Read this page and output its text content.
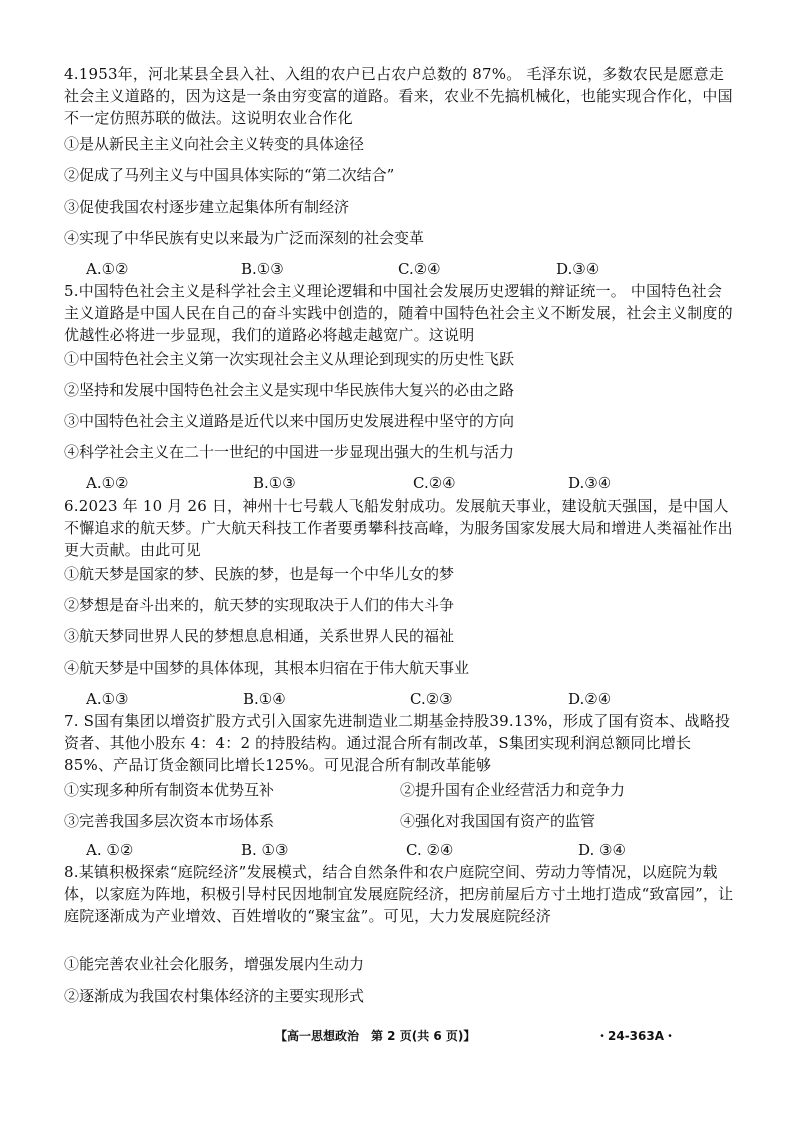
4.1953年，河北某县全县入社、入组的农户已占农户总数的 87%。 毛泽东说，多数农民是愿意走社会主义道路的，因为这是一条由穷变富的道路。看来，农业不先搞机械化，也能实现合作化，中国不一定仿照苏联的做法。这说明农业合作化

①是从新民主主义向社会主义转变的具体途径

②促成了马列主义与中国具体实际的“第二次结合”

③促使我国农村逐步建立起集体所有制经济

④实现了中华民族有史以来最为广泛而深刻的社会变革

A.①②	B.①③	C.②④	D.③④

5.中国特色社会主义是科学社会主义理论逻辑和中国社会发展历史逻辑的辩证统一。 中国特色社会主义道路是中国人民在自己的奋斗实践中创造的，随着中国特色社会主义不断发展，社会主义制度的优越性必将进一步显现，我们的道路必将越走越宽广。这说明

①中国特色社会主义第一次实现社会主义从理论到现实的历史性飞跃

②坚持和发展中国特色社会主义是实现中华民族伟大复兴的必由之路

③中国特色社会主义道路是近代以来中国历史发展进程中坚守的方向

④科学社会主义在二十一世纪的中国进一步显现出强大的生机与活力

A.①②	B.①③	C.②④	D.③④

6.2023 年 10 月 26 日，神州十七号载人飞船发射成功。发展航天事业，建设航天强国，是中国人不懈追求的航天梦。广大航天科技工作者要勇攀科技高峰，为服务国家发展大局和增进人类福祉作出更大贡献。由此可见

①航天梦是国家的梦、民族的梦，也是每一个中华儿女的梦

②梦想是奋斗出来的，航天梦的实现取决于人们的伟大斗争

③航天梦同世界人民的梦想息息相通，关系世界人民的福祉

④航天梦是中国梦的具体体现，其根本归宿在于伟大航天事业

A.①③	B.①④	C.②③	D.②④

7. S国有集团以增资扩股方式引入国家先进制造业二期基金持股39.13%，形成了国有资本、战略投资者、其他小股东 4：4：2 的持股结构。通过混合所有制改革，S集团实现利润总额同比增长85%、产品订货金额同比增长125%。可见混合所有制改革能够

①实现多种所有制资本优势互补	②提升国有企业经营活力和竞争力
③完善我国多层次资本市场体系	④强化对我国国有资产的监管
A. ①②	B. ①③	C. ②④	D. ③④

8.某镇积极探索“庭院经济”发展模式，结合自然条件和农户庭院空间、劳动力等情况，以庭院为载体，以家庭为阵地，积极引导村民因地制宜发展庭院经济，把房前屋后方寸土地打造成“致富园”，让庭院逐渐成为产业增效、百姓增收的“聚宝盆”。可见，大力发展庭院经济

①能完善农业社会化服务，增强发展内生动力

②逐渐成为我国农村集体经济的主要实现形式

【高一思想政治　第 2 页(共 6 页)】	・24-363A・
